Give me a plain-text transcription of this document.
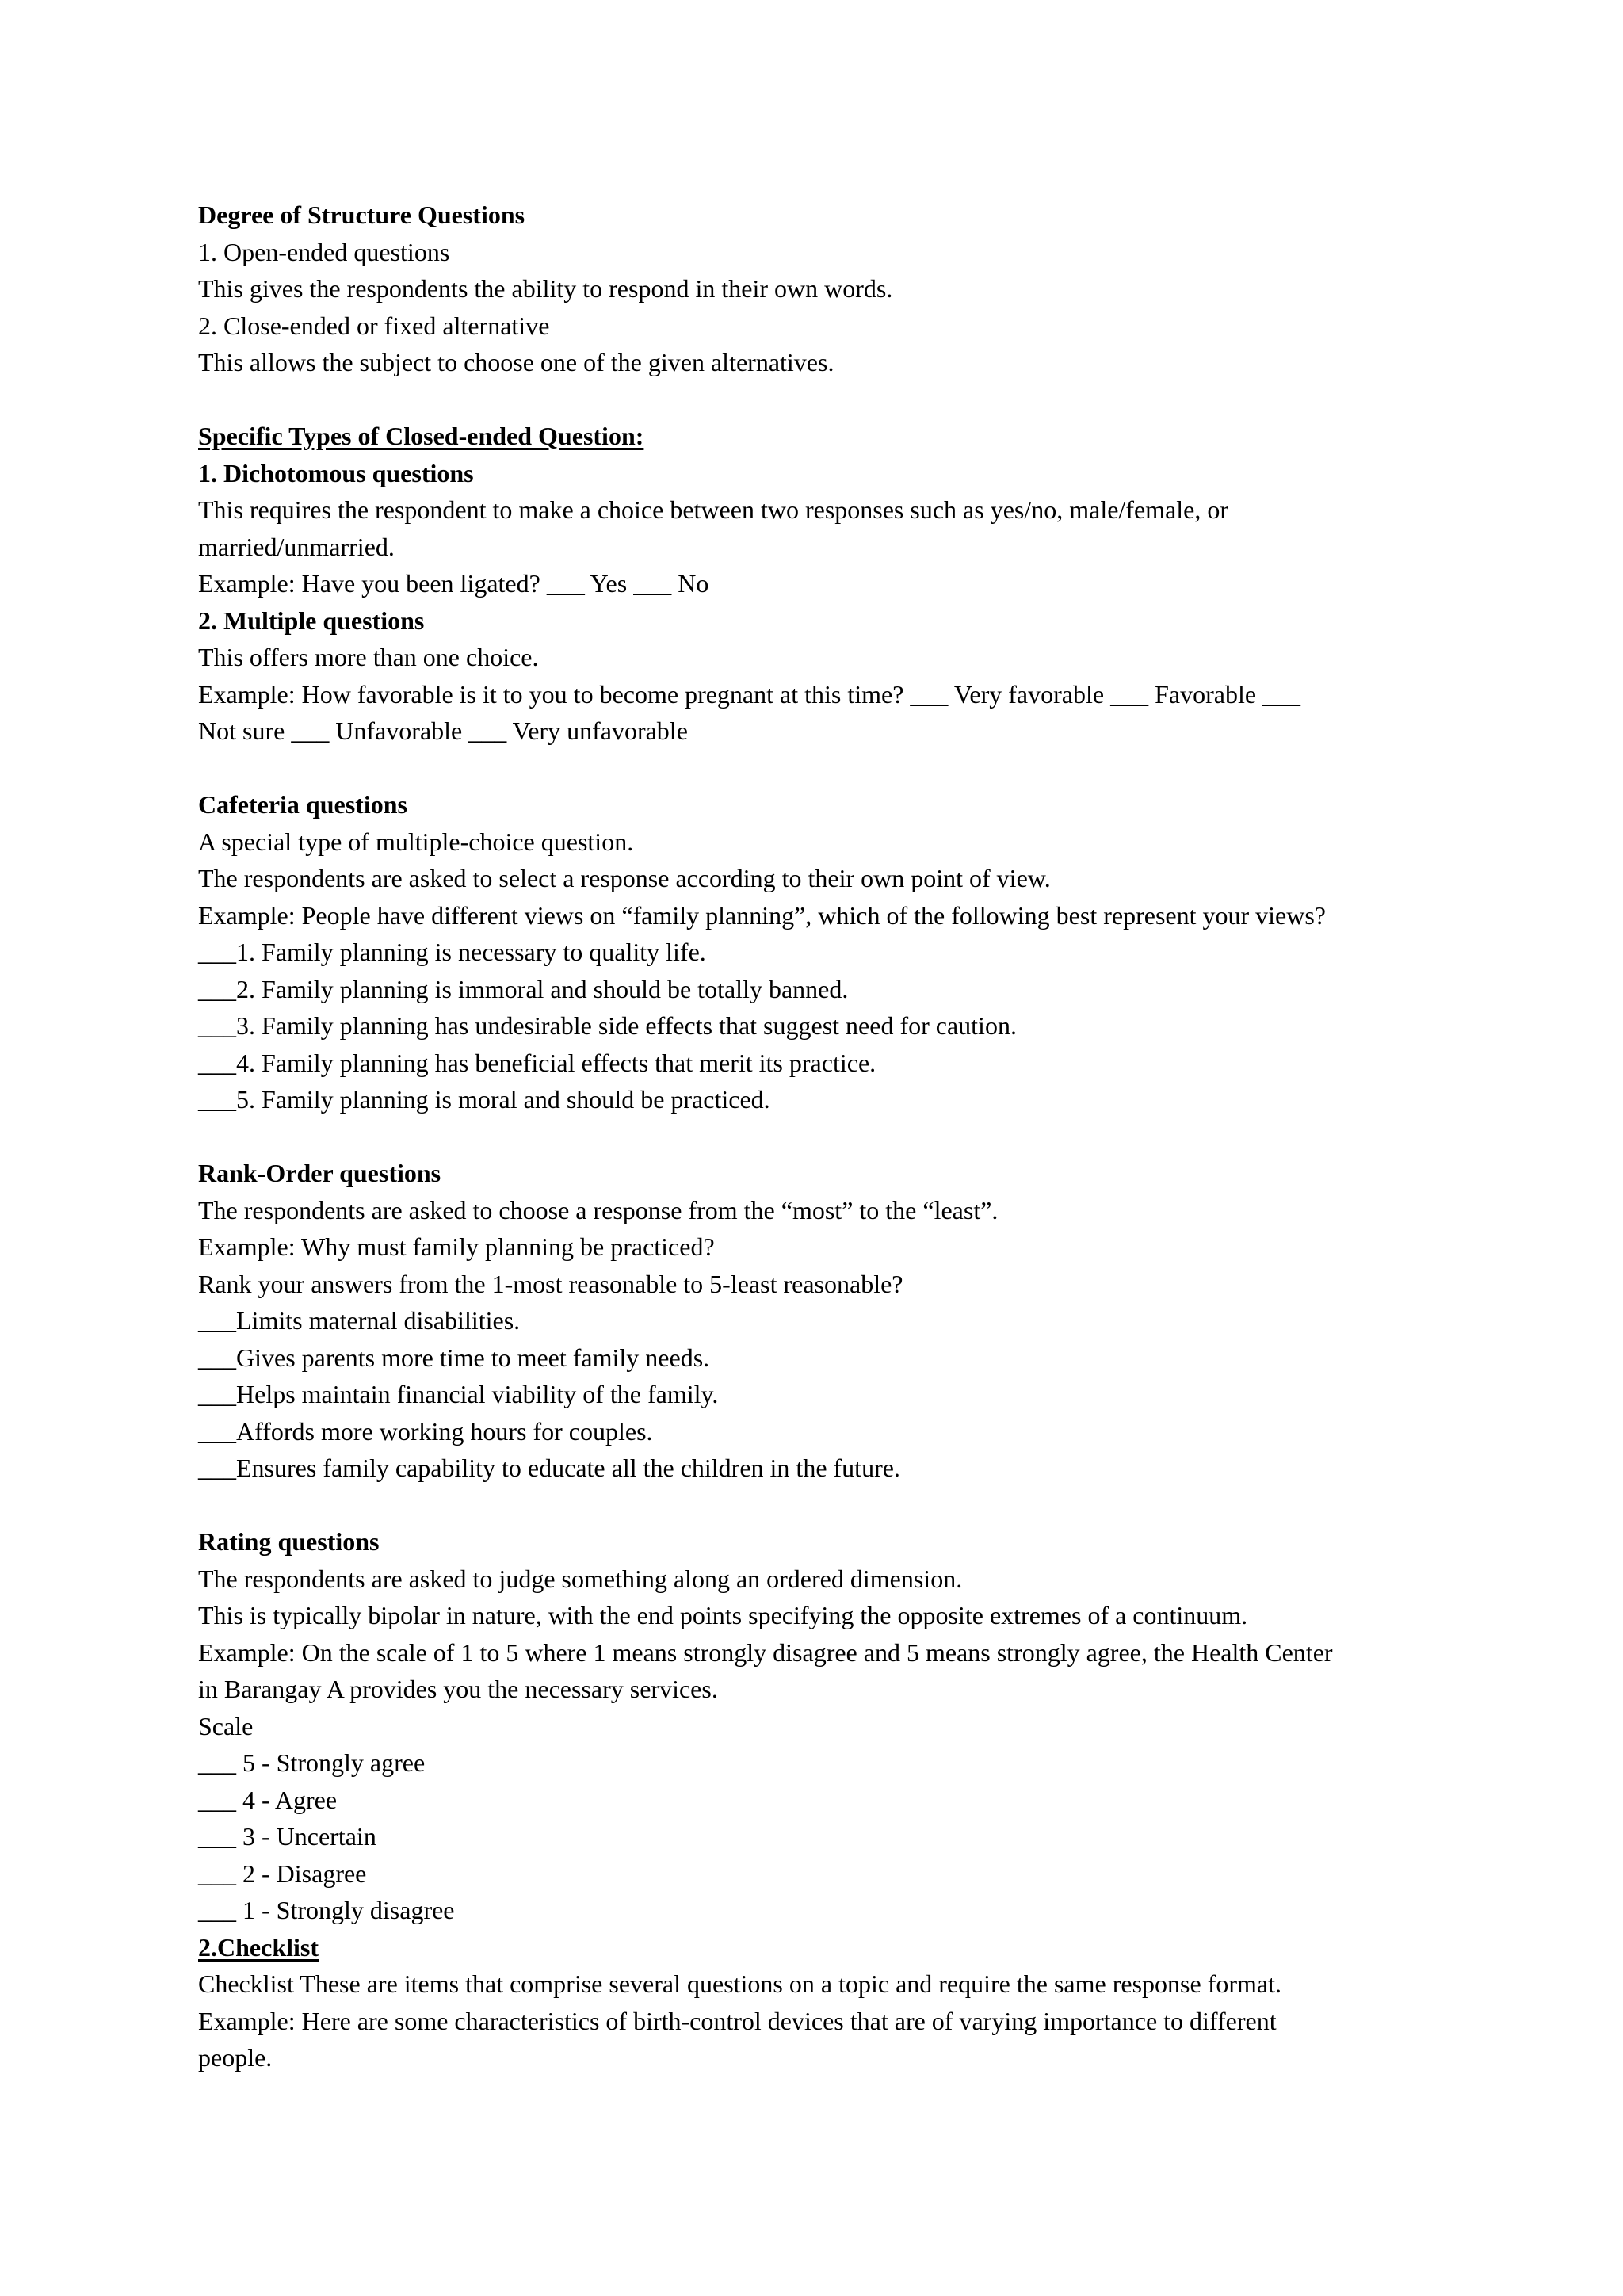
Degree of Structure Questions
1. Open-ended questions
This gives the respondents the ability to respond in their own words.
2. Close-ended or fixed alternative
This allows the subject to choose one of the given alternatives.
Specific Types of Closed-ended Question:
1. Dichotomous questions
This requires the respondent to make a choice between two responses such as yes/no, male/female, or
married/unmarried.
Example: Have you been ligated? ___ Yes ___ No
2. Multiple questions
This offers more than one choice.
Example: How favorable is it to you to become pregnant at this time? ___ Very favorable ___ Favorable ___
Not sure ___ Unfavorable ___ Very unfavorable
Cafeteria questions
A special type of multiple-choice question.
The respondents are asked to select a response according to their own point of view.
Example: People have different views on “family planning”, which of the following best represent your views?
___1. Family planning is necessary to quality life.
___2. Family planning is immoral and should be totally banned.
___3. Family planning has undesirable side effects that suggest need for caution.
___4. Family planning has beneficial effects that merit its practice.
___5. Family planning is moral and should be practiced.
Rank-Order questions
The respondents are asked to choose a response from the “most” to the “least”.
Example: Why must family planning be practiced?
Rank your answers from the 1-most reasonable to 5-least reasonable?
___Limits maternal disabilities.
___Gives parents more time to meet family needs.
___Helps maintain financial viability of the family.
___Affords more working hours for couples.
___Ensures family capability to educate all the children in the future.
Rating questions
The respondents are asked to judge something along an ordered dimension.
This is typically bipolar in nature, with the end points specifying the opposite extremes of a continuum.
Example: On the scale of 1 to 5 where 1 means strongly disagree and 5 means strongly agree, the Health Center
in Barangay A provides you the necessary services.
Scale
___ 5 - Strongly agree
___ 4 - Agree
___ 3 - Uncertain
___ 2 - Disagree
___ 1 - Strongly disagree
2.Checklist
Checklist These are items that comprise several questions on a topic and require the same response format.
Example: Here are some characteristics of birth-control devices that are of varying importance to different
people.
